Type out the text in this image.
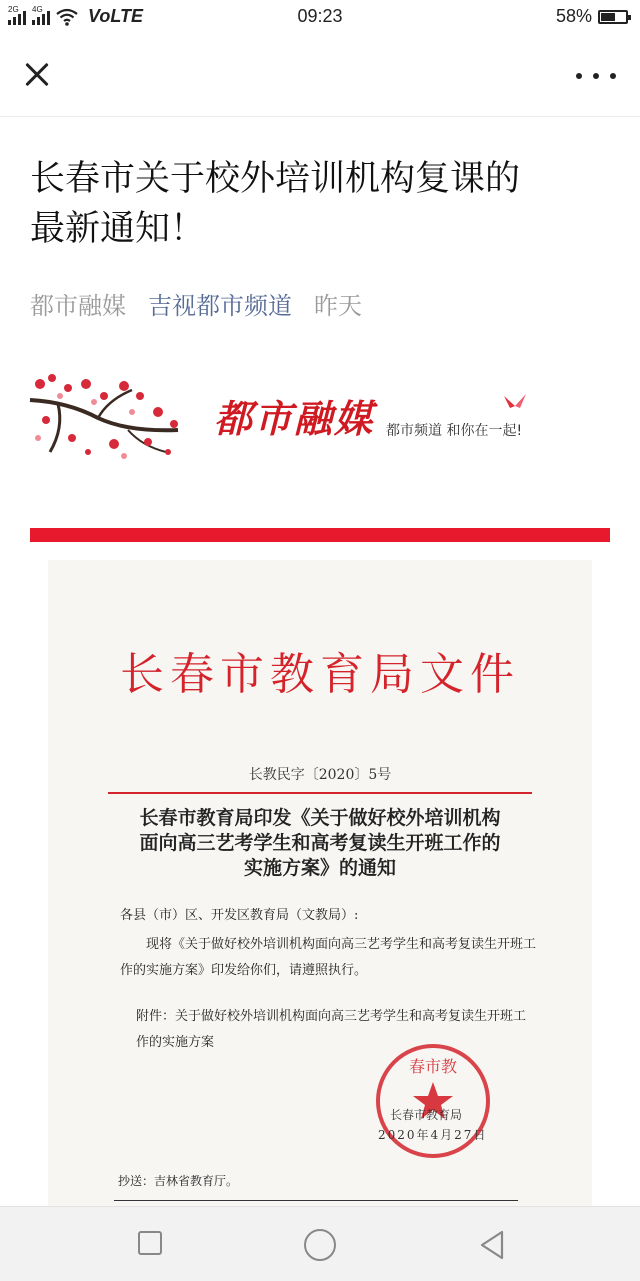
2G 4G	VoLTE	09:23	58%
长春市关于校外培训机构复课的
最新通知！
都市融媒 吉视都市频道 昨天
都市融媒 都市频道 和你在一起!
长春市教育局文件
长教民字〔2020〕5号
长春市教育局印发《关于做好校外培训机构
面向高三艺考学生和高考复读生开班工作的
实施方案》的通知
各县（市）区、开发区教育局（文教局）:
现将《关于做好校外培训机构面向高三艺考学生和高考复读生开班工作的实施方案》印发给你们，请遵照执行。
附件：关于做好校外培训机构面向高三艺考学生和高考复读生开班工作的实施方案
春市教
长春市教育局
2020年4月27日
抄送：吉林省教育厅。
